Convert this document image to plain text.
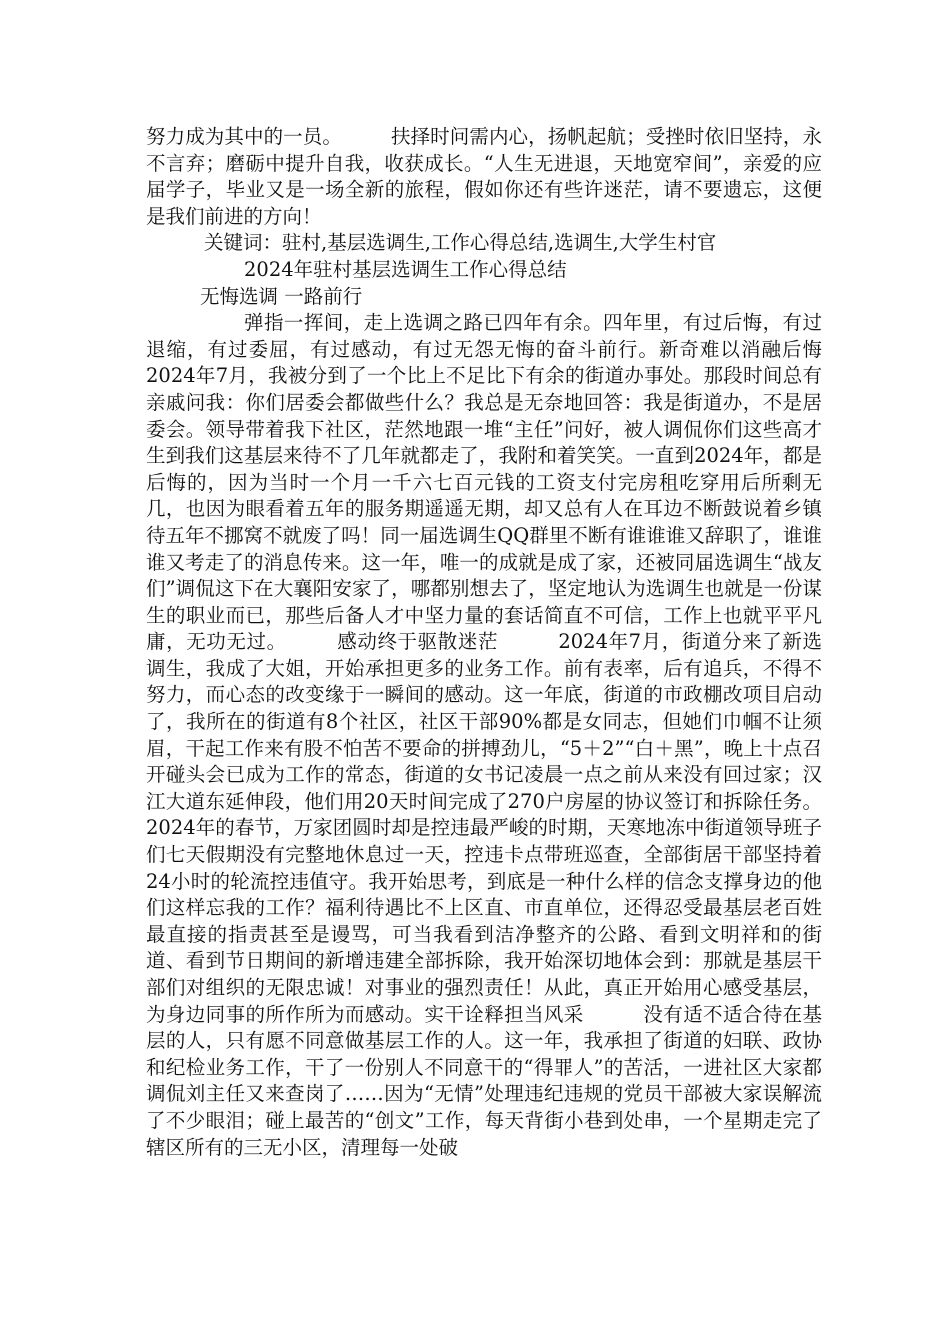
努力成为其中的一员。　　　扶择时问需内心，扬帆起航；受挫时依旧坚持，永不言弃；磨砺中提升自我，收获成长。“人生无进退，天地宽窄间”，亲爱的应届学子，毕业又是一场全新的旅程，假如你还有些许迷茫，请不要遗忘，这便是我们前进的方向！

关键词：驻村,基层选调生,工作心得总结,选调生,大学生村官

2024年驻村基层选调生工作心得总结

无悔选调 一路前行

弹指一挥间，走上选调之路已四年有余。四年里，有过后悔，有过退缩，有过委屈，有过感动，有过无怨无悔的奋斗前行。新奇难以消融后悔　　　2024年7月，我被分到了一个比上不足比下有余的街道办事处。那段时间总有亲戚问我：你们居委会都做些什么？我总是无奈地回答：我是街道办，不是居委会。领导带着我下社区，茫然地跟一堆“主任”问好，被人调侃你们这些高才生到我们这基层来待不了几年就都走了，我附和着笑笑。一直到2024年，都是后悔的，因为当时一个月一千六七百元钱的工资支付完房租吃穿用后所剩无几，也因为眼看着五年的服务期遥遥无期，却又总有人在耳边不断鼓说着乡镇待五年不挪窝不就废了吗！同一届选调生QQ群里不断有谁谁谁又辞职了，谁谁谁又考走了的消息传来。这一年，唯一的成就是成了家，还被同届选调生“战友们”调侃这下在大襄阳安家了，哪都别想去了，坚定地认为选调生也就是一份谋生的职业而已，那些后备人才中坚力量的套话简直不可信，工作上也就平平凡庸，无功无过。　　　感动终于驱散迷茫　　　2024年7月，街道分来了新选调生，我成了大姐，开始承担更多的业务工作。前有表率，后有追兵，不得不努力，而心态的改变缘于一瞬间的感动。这一年底，街道的市政棚改项目启动了，我所在的街道有8个社区，社区干部90%都是女同志，但她们巾帼不让须眉，干起工作来有股不怕苦不要命的拼搏劲儿，“5＋2”“白＋黑”，晚上十点召开碰头会已成为工作的常态，街道的女书记凌晨一点之前从来没有回过家；汉江大道东延伸段，他们用20天时间完成了270户房屋的协议签订和拆除任务。2024年的春节，万家团圆时却是控违最严峻的时期，天寒地冻中街道领导班子们七天假期没有完整地休息过一天，控违卡点带班巡查，全部街居干部坚持着24小时的轮流控违值守。我开始思考，到底是一种什么样的信念支撑身边的他们这样忘我的工作？福利待遇比不上区直、市直单位，还得忍受最基层老百姓最直接的指责甚至是谩骂，可当我看到洁净整齐的公路、看到文明祥和的街道、看到节日期间的新增违建全部拆除，我开始深切地体会到：那就是基层干部们对组织的无限忠诚！对事业的强烈责任！从此，真正开始用心感受基层，为身边同事的所作所为而感动。实干诠释担当风采　　　没有适不适合待在基层的人，只有愿不同意做基层工作的人。这一年，我承担了街道的妇联、政协和纪检业务工作，干了一份别人不同意干的“得罪人”的苦活，一进社区大家都调侃刘主任又来查岗了……因为“无情”处理违纪违规的党员干部被大家误解流了不少眼泪；碰上最苦的“创文”工作，每天背街小巷到处串，一个星期走完了辖区所有的三无小区，清理每一处破
